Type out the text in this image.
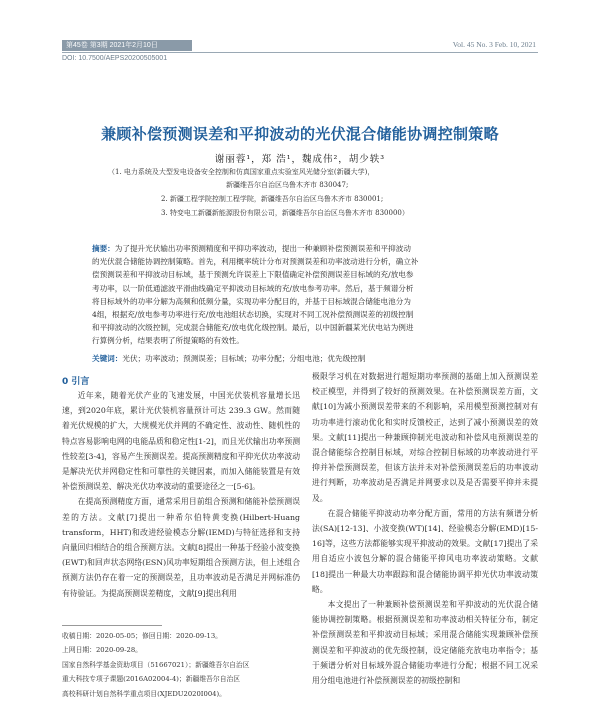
第45卷 第3期 2021年2月10日	Vol. 45 No. 3 Feb. 10, 2021
DOI: 10.7500/AEPS20200505001
兼顾补偿预测误差和平抑波动的光伏混合储能协调控制策略
谢丽蓉¹，郑 浩¹，魏成伟²，胡少轶³
（1. 电力系统及大型发电设备安全控制和仿真国家重点实验室风光储分室(新疆大学)，
新疆维吾尔自治区乌鲁木齐市 830047;
2. 新疆工程学院控制工程学院，新疆维吾尔自治区乌鲁木齐市 830001;
3. 特变电工新疆新能源股份有限公司，新疆维吾尔自治区乌鲁木齐市 830000）
摘要：为了提升光伏输出功率预测精度和平抑功率波动，提出一种兼顾补偿预测误差和平抑波动
的光伏混合储能协调控制策略。首先，利用概率统计分布对预测误差和功率波动进行分析，确立补
偿预测误差和平抑波动目标域，基于预测允许误差上下限值确定补偿预测误差目标域的充/放电参
考功率，以一阶低通滤波平滑曲线确定平抑波动目标域的充/放电参考功率。然后，基于频谱分析
将目标域外的功率分解为高频和低频分量，实现功率分配目的，并基于目标域混合储能电池分为
4组，根据充/放电参考功率进行充/放电池组状态切换，实现对不同工况补偿预测误差的初级控制
和平抑波动的次级控制，完成混合储能充/放电优化级控制。最后，以中国新疆某光伏电站为例进
行算例分析，结果表明了所提策略的有效性。
关键词：光伏；功率波动；预测误差；目标域；功率分配；分组电池；优先级控制
0 引言

近年来，随着光伏产业的飞速发展，中国光伏装机容量增长迅速，到2020年底，累计光伏装机容量预计可达 239.3 GW。然而随着光伏规模的扩大，大规模光伏并网的不确定性、波动性、随机性的特点容易影响电网的电能品质和稳定性[1-2]，而且光伏输出功率预测性较差[3-4]，容易产生预测误差。提高预测精度和平抑光伏功率波动是解决光伏并网稳定性和可靠性的关键因素，而加入储能装置是有效补偿预测误差、解决光伏功率波动的重要途径之一[5-6]。

在提高预测精度方面，通常采用目前组合预测和储能补偿预测误差的方法。文献[7]提出一种希尔伯特黄变换(Hilbert-Huang transform，HHT)和改进经验模态分解(IEMD)与特征选择和支持向量回归相结合的组合预测方法。文献[8]提出一种基于经验小波变换(EWT)和回声状态网络(ESN)风功率短期组合预测方法，但上述组合预测方法仍存在着一定的预测误差，且功率波动是否满足并网标准仍有待验证。为提高预测误差精度，文献[9]提出利用

极限学习机在对数据进行超短期功率预测的基础上加入预测误差校正模型，并得到了较好的预测效果。在补偿预测误差方面，文献[10]为减小预测误差带来的不利影响，采用模型预测控制对有功功率进行滚动优化和实时反馈校正，达到了减小预测误差的效果。文献[11]提出一种兼顾抑制光电波动和补偿风电预测误差的混合储能综合控制目标域，对综合控制目标域的功率波动进行平抑并补偿预测误差，但该方法并未对补偿预测误差后的功率波动进行判断，功率波动是否满足并网要求以及是否需要平抑并未提及。

在混合储能平抑波动功率分配方面，常用的方法有频谱分析法(SA)[12-13]、小波变换(WT)[14]、经验模态分解(EMD)[15-16]等，这些方法都能够实现平抑波动的效果。文献[17]提出了采用自适应小波包分解的混合储能平抑风电功率波动策略。文献[18]提出一种最大功率跟踪和混合储能协调平抑光伏功率波动策略。

本文提出了一种兼顾补偿预测误差和平抑波动的光伏混合储能协调控制策略。根据预测误差和功率波动相关特征分布，制定补偿预测误差和平抑波动目标域；采用混合储能实现兼顾补偿预测误差和平抑波动的优先级控制，设定储能充放电功率指令；基于频谱分析对目标域外混合储能功率进行分配；根据不同工况采用分组电池进行补偿预测误差的初级控制和

收稿日期：2020-05-05；修回日期：2020-09-13。
上网日期：2020-09-28。
国家自然科学基金资助项目（51667021）；新疆维吾尔自治区
重大科技专项子课题(2016A02004-4)；新疆维吾尔自治区
高校科研计划自然科学重点项目(XJEDU2020I004)。
